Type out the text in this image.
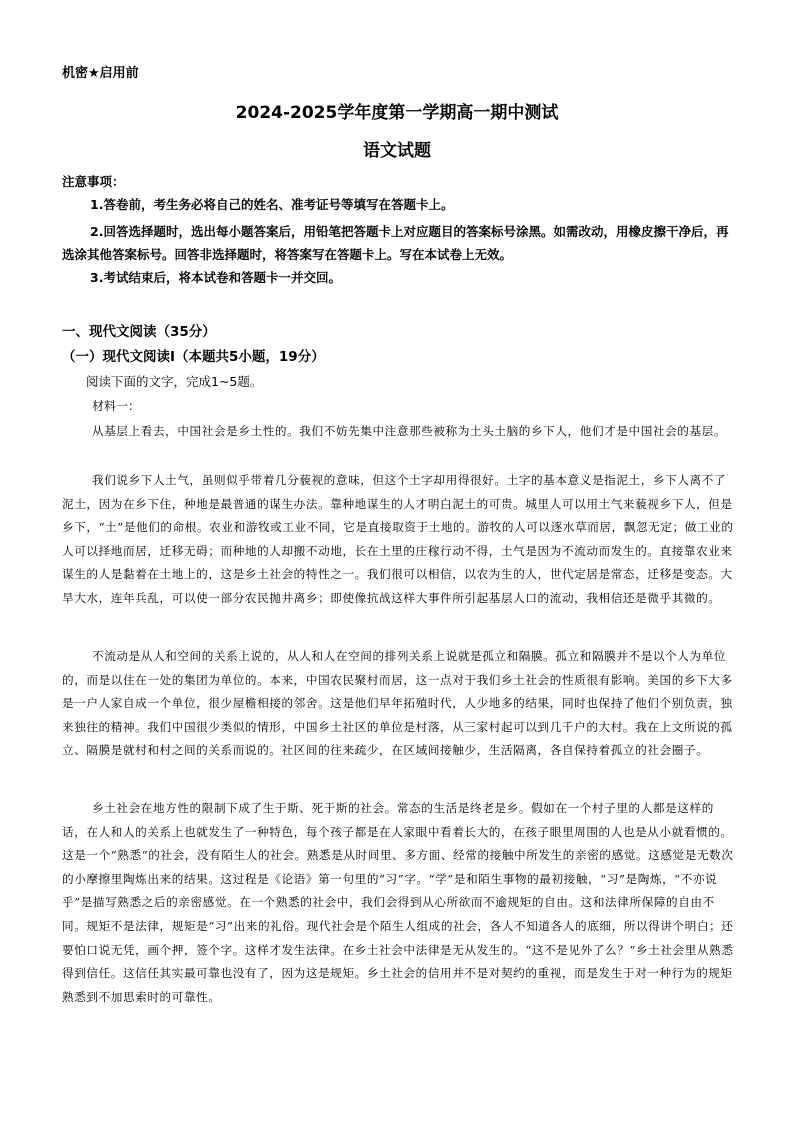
机密★启用前
2024-2025学年度第一学期高一期中测试
语文试题
注意事项：
1.答卷前，考生务必将自己的姓名、准考证号等填写在答题卡上。
2.回答选择题时，选出每小题答案后，用铅笔把答题卡上对应题目的答案标号涂黑。如需改动，用橡皮擦干净后，再选涂其他答案标号。回答非选择题时，将答案写在答题卡上。写在本试卷上无效。
3.考试结束后，将本试卷和答题卡一并交回。
一、现代文阅读（35分）
（一）现代文阅读Ⅰ（本题共5小题，19分）
阅读下面的文字，完成1~5题。
材料一：
从基层上看去，中国社会是乡土性的。我们不妨先集中注意那些被称为土头土脑的乡下人，他们才是中国社会的基层。
我们说乡下人土气，虽则似乎带着几分藐视的意味，但这个土字却用得很好。土字的基本意义是指泥土，乡下人离不了泥土，因为在乡下住，种地是最普通的谋生办法。靠种地谋生的人才明白泥土的可贵。城里人可以用土气来藐视乡下人，但是乡下，“土”是他们的命根。农业和游牧或工业不同，它是直接取资于土地的。游牧的人可以逐水草而居，飘忽无定；做工业的人可以择地而居，迁移无碍；而种地的人却搬不动地，长在土里的庄稼行动不得，土气是因为不流动而发生的。直接靠农业来谋生的人是黏着在土地上的，这是乡土社会的特性之一。我们很可以相信，以农为生的人，世代定居是常态，迁移是变态。大旱大水，连年兵乱，可以使一部分农民抛井离乡；即使像抗战这样大事件所引起基层人口的流动，我相信还是微乎其微的。
不流动是从人和空间的关系上说的，从人和人在空间的排列关系上说就是孤立和隔膜。孤立和隔膜并不是以个人为单位的，而是以住在一处的集团为单位的。本来，中国农民聚村而居，这一点对于我们乡土社会的性质很有影响。美国的乡下大多是一户人家自成一个单位，很少屋檐相接的邻舍。这是他们早年拓殖时代，人少地多的结果，同时也保持了他们个别负责，独来独往的精神。我们中国很少类似的情形，中国乡土社区的单位是村落，从三家村起可以到几千户的大村。我在上文所说的孤立、隔膜是就村和村之间的关系而说的。社区间的往来疏少，在区域间接触少，生活隔离，各自保持着孤立的社会圈子。
乡土社会在地方性的限制下成了生于斯、死于斯的社会。常态的生活是终老是乡。假如在一个村子里的人都是这样的话，在人和人的关系上也就发生了一种特色，每个孩子都是在人家眼中看着长大的，在孩子眼里周围的人也是从小就看惯的。这是一个“熟悉”的社会，没有陌生人的社会。熟悉是从时间里、多方面、经常的接触中所发生的亲密的感觉。这感觉是无数次的小摩擦里陶炼出来的结果。这过程是《论语》第一句里的“习”字。“学”是和陌生事物的最初接触，“习”是陶炼，“不亦说乎”是描写熟悉之后的亲密感觉。在一个熟悉的社会中，我们会得到从心所欲而不逾规矩的自由。这和法律所保障的自由不同。规矩不是法律，规矩是“习”出来的礼俗。现代社会是个陌生人组成的社会，各人不知道各人的底细，所以得讲个明白；还要怕口说无凭，画个押，签个字。这样才发生法律。在乡土社会中法律是无从发生的。“这不是见外了么？”乡土社会里从熟悉得到信任。这信任其实最可靠也没有了，因为这是规矩。乡土社会的信用并不是对契约的重视，而是发生于对一种行为的规矩熟悉到不加思索时的可靠性。
